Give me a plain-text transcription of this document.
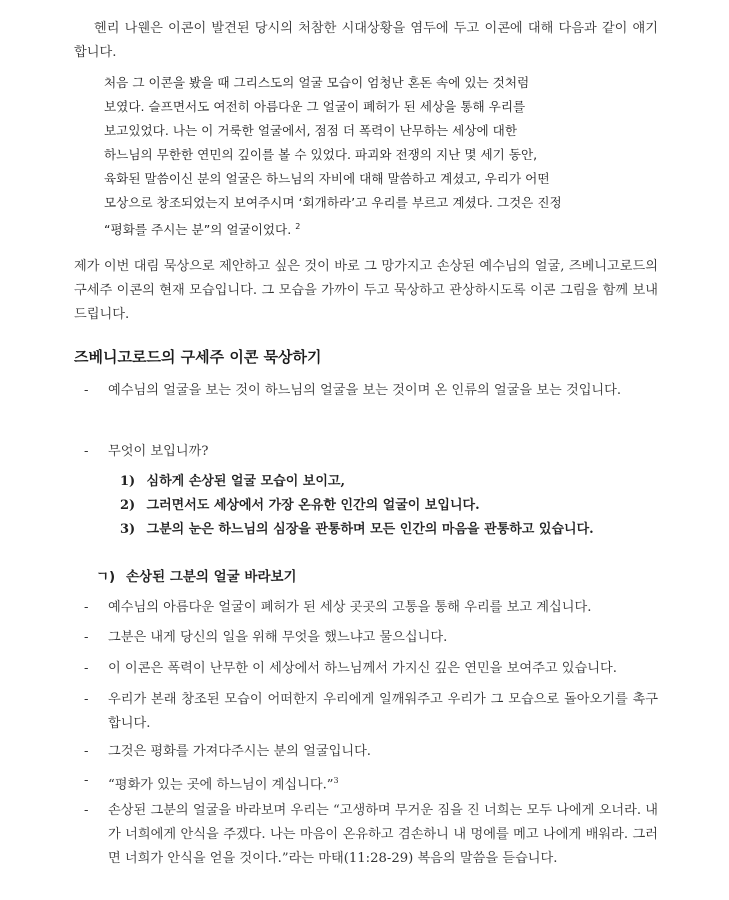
헨리 나웬은 이콘이 발견된 당시의 처참한 시대상황을 염두에 두고 이콘에 대해 다음과 같이 얘기합니다.
처음 그 이콘을 봤을 때 그리스도의 얼굴 모습이 엄청난 혼돈 속에 있는 것처럼
보였다. 슬프면서도 여전히 아름다운 그 얼굴이 폐허가 된 세상을 통해 우리를
보고있었다. 나는 이 거룩한 얼굴에서, 점점 더 폭력이 난무하는 세상에 대한
하느님의 무한한 연민의 깊이를 볼 수 있었다. 파괴와 전쟁의 지난 몇 세기 동안,
육화된 말씀이신 분의 얼굴은 하느님의 자비에 대해 말씀하고 계셨고, 우리가 어떤
모상으로 창조되었는지 보여주시며 ‘회개하라’고 우리를 부르고 계셨다. 그것은 진정
“평화를 주시는 분”의 얼굴이었다. $^2$
제가 이번 대림 묵상으로 제안하고 싶은 것이 바로 그 망가지고 손상된 예수님의 얼굴, 즈베니고로드의 구세주 이콘의 현재 모습입니다. 그 모습을 가까이 두고 묵상하고 관상하시도록 이콘 그림을 함께 보내드립니다.
즈베니고로드의 구세주 이콘 묵상하기
- 예수님의 얼굴을 보는 것이 하느님의 얼굴을 보는 것이며 온 인류의 얼굴을 보는 것입니다.
- 무엇이 보입니까?
1) 심하게 손상된 얼굴 모습이 보이고,
2) 그러면서도 세상에서 가장 온유한 인간의 얼굴이 보입니다.
3) 그분의 눈은 하느님의 심장을 관통하며 모든 인간의 마음을 관통하고 있습니다.
ㄱ) 손상된 그분의 얼굴 바라보기
- 예수님의 아름다운 얼굴이 폐허가 된 세상 곳곳의 고통을 통해 우리를 보고 계십니다.
- 그분은 내게 당신의 일을 위해 무엇을 했느냐고 물으십니다.
- 이 이콘은 폭력이 난무한 이 세상에서 하느님께서 가지신 깊은 연민을 보여주고 있습니다.
- 우리가 본래 창조된 모습이 어떠한지 우리에게 일깨워주고 우리가 그 모습으로 돌아오기를 촉구합니다.
- 그것은 평화를 가져다주시는 분의 얼굴입니다.
- “평화가 있는 곳에 하느님이 계십니다.”$^3$
- 손상된 그분의 얼굴을 바라보며 우리는 “고생하며 무거운 짐을 진 너희는 모두 나에게 오너라. 내가 너희에게 안식을 주겠다. 나는 마음이 온유하고 겸손하니 내 멍에를 메고 나에게 배워라. 그러면 너희가 안식을 얻을 것이다.”라는 마태(11:28-29) 복음의 말씀을 듣습니다.
